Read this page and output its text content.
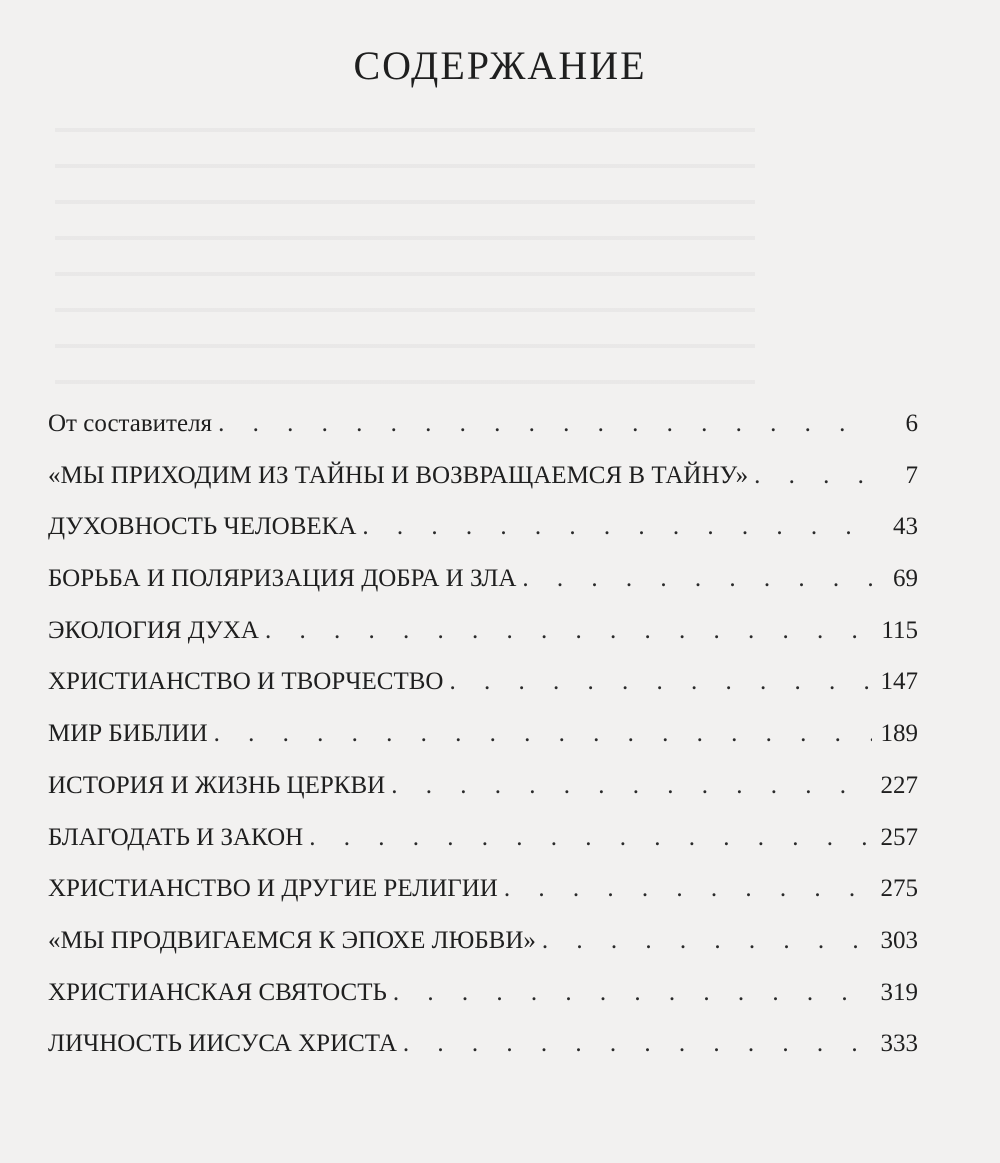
СОДЕРЖАНИЕ
От составителя . . .	6
«МЫ ПРИХОДИМ ИЗ ТАЙНЫ И ВОЗВРАЩАЕМСЯ В ТАЙНУ» . . .	7
ДУХОВНОСТЬ ЧЕЛОВЕКА . . .	43
БОРЬБА И ПОЛЯРИЗАЦИЯ ДОБРА И ЗЛА . . .	69
ЭКОЛОГИЯ ДУХА . . .	115
ХРИСТИАНСТВО И ТВОРЧЕСТВО . . .	147
МИР БИБЛИИ . . .	189
ИСТОРИЯ И ЖИЗНЬ ЦЕРКВИ . . .	227
БЛАГОДАТЬ И ЗАКОН . . .	257
ХРИСТИАНСТВО И ДРУГИЕ РЕЛИГИИ . . .	275
«МЫ ПРОДВИГАЕМСЯ К ЭПОХЕ ЛЮБВИ» . . .	303
ХРИСТИАНСКАЯ СВЯТОСТЬ . . .	319
ЛИЧНОСТЬ ИИСУСА ХРИСТА . . .	333
